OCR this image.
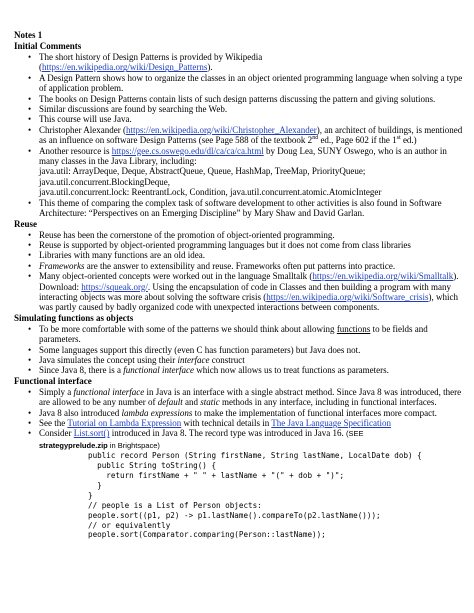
Notes 1
Initial Comments
• The short history of Design Patterns is provided by Wikipedia
(https://en.wikipedia.org/wiki/Design_Patterns).
• A Design Pattern shows how to organize the classes in an object oriented programming language when solving a type of application problem.
• The books on Design Patterns contain lists of such design patterns discussing the pattern and giving solutions.
• Similar discussions are found by searching the Web.
• This course will use Java.
• Christopher Alexander (https://en.wikipedia.org/wiki/Christopher_Alexander), an architect of buildings, is mentioned as an influence on software Design Patterns (see Page 588 of the textbook 2nd ed., Page 602 if the 1st ed.)
• Another resource is https://gee.cs.oswego.edu/dl/ca/ca/ca.html by Doug Lea, SUNY Oswego, who is an author in many classes in the Java Library, including:
java.util: ArrayDeque, Deque, AbstractQueue, Queue, HashMap, TreeMap, PriorityQueue;
java.util.concurrent.BlockingDeque,
java.util.concurrent.lock: ReentrantLock, Condition, java.util.concurrent.atomic.AtomicInteger
• This theme of comparing the complex task of software development to other activities is also found in Software Architecture: “Perspectives on an Emerging Discipline” by Mary Shaw and David Garlan.
Reuse
• Reuse has been the cornerstone of the promotion of object-oriented programming.
• Reuse is supported by object-oriented programming languages but it does not come from class libraries
• Libraries with many functions are an old idea.
• Frameworks are the answer to extensibility and reuse. Frameworks often put patterns into practice.
• Many object-oriented concepts were worked out in the language Smalltalk (https://en.wikipedia.org/wiki/Smalltalk). Download: https://squeak.org/. Using the encapsulation of code in Classes and then building a program with many interacting objects was more about solving the software crisis (https://en.wikipedia.org/wiki/Software_crisis), which was partly caused by badly organized code with unexpected interactions between components.
Simulating functions as objects
• To be more comfortable with some of the patterns we should think about allowing functions to be fields and parameters.
• Some languages support this directly (even C has function parameters) but Java does not.
• Java simulates the concept using their interface construct
• Since Java 8, there is a functional interface which now allows us to treat functions as parameters.
Functional interface
• Simply a functional interface in Java is an interface with a single abstract method. Since Java 8 was introduced, there are allowed to be any number of default and static methods in any interface, including in functional interfaces.
• Java 8 also introduced lambda expressions to make the implementation of functional interfaces more compact.
• See the Tutorial on Lambda Expression with technical details in The Java Language Specification
• Consider List.sort() introduced in Java 8. The record type was introduced in Java 16. (SEE
strategyprelude.zip in Brightspace)
public record Person (String firstName, String lastName, LocalDate dob) {
public String toString() {
return firstName + " " + lastName + "(" + dob + ")";
}
}
// people is a List of Person objects:
people.sort((p1, p2) -> p1.lastName().compareTo(p2.lastName()));
// or equivalently
people.sort(Comparator.comparing(Person::lastName));
